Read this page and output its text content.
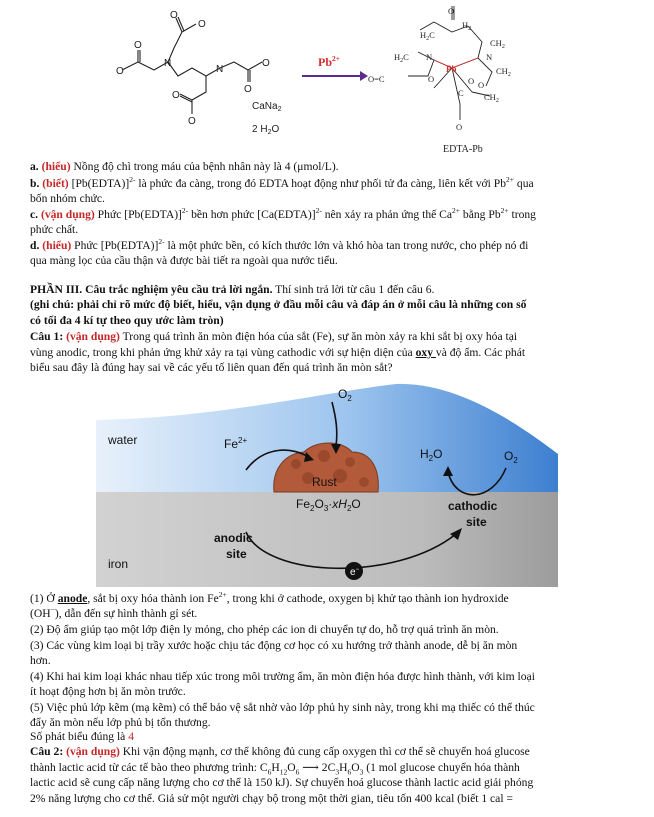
O
O
O
O
N
N
O
O
O
O
CaNa$_2$
2 $H_2O$
$Pb^{2+}$
$H_2C$
O
$H_2$
$CH_2$
$H_2C$ N	N
$CH_2$
O=C	O
O
$CH_2$
C
O
O
Pb
EDTA-Pb
a. (hiểu) Nồng độ chì trong máu của bệnh nhân này là 4 (μmol/L).
b. (biết) [Pb(EDTA)]$^{2-}$ là phức đa càng, trong đó EDTA hoạt động như phối tử đa càng, liên kết với $Pb^{2+}$ qua
bốn nhóm chức.
c. (vận dụng) Phức [Pb(EDTA)]$^{2-}$ bền hơn phức [Ca(EDTA)]$^{2-}$ nên xảy ra phản ứng thế $Ca^{2+}$ bằng $Pb^{2+}$ trong
phức chất.
d. (hiểu) Phức [Pb(EDTA)]$^{2-}$ là một phức bền, có kích thước lớn và khó hòa tan trong nước, cho phép nó đi
qua màng lọc của cầu thận và được bài tiết ra ngoài qua nước tiểu.
PHẦN III. Câu trắc nghiệm yêu cầu trả lời ngắn. Thí sinh trả lời từ câu 1 đến câu 6.
(ghi chú: phải chỉ rõ mức độ biết, hiểu, vận dụng ở đầu mỗi câu và đáp án ở mỗi câu là những con số
có tối đa 4 kí tự theo quy ước làm tròn)
Câu 1: (vận dụng) Trong quá trình ăn mòn điện hóa của sắt (Fe), sự ăn mòn xảy ra khi sắt bị oxy hóa tại
vùng anodic, trong khi phản ứng khử xảy ra tại vùng cathodic với sự hiện diện của oxy và độ ẩm. Các phát
biểu sau đây là đúng hay sai về các yếu tố liên quan đến quá trình ăn mòn sắt?
e−
$O_2$
water	$Fe^{2+}$
$H_2O$	$O_2$
Rust
$Fe_2O_3\cdot xH_2O$	cathodic
site
anodic
site
iron
(1) Ở anode, sắt bị oxy hóa thành ion $Fe^{2+}$, trong khi ở cathode, oxygen bị khử tạo thành ion hydroxide
(OH−), dẫn đến sự hình thành gỉ sét.
(2) Độ ẩm giúp tạo một lớp điện ly mỏng, cho phép các ion di chuyển tự do, hỗ trợ quá trình ăn mòn.
(3) Các vùng kim loại bị trầy xước hoặc chịu tác động cơ học có xu hướng trở thành anode, dễ bị ăn mòn
hơn.
(4) Khi hai kim loại khác nhau tiếp xúc trong môi trường ẩm, ăn mòn điện hóa được hình thành, với kim loại
ít hoạt động hơn bị ăn mòn trước.
(5) Việc phủ lớp kẽm (mạ kẽm) có thể bảo vệ sắt nhờ vào lớp phủ hy sinh này, trong khi mạ thiếc có thể thúc
đẩy ăn mòn nếu lớp phủ bị tổn thương.
Số phát biểu đúng là 4
Câu 2: (vận dụng) Khi vận động mạnh, cơ thể không đủ cung cấp oxygen thì cơ thể sẽ chuyển hoá glucose
thành lactic acid từ các tế bào theo phương trình: $C_6H_{12}O_6$ ⟶ $2C_3H_6O_3$ (1 mol glucose chuyển hóa thành
lactic acid sẽ cung cấp năng lượng cho cơ thể là 150 kJ). Sự chuyển hoá glucose thành lactic acid giải phóng
2% năng lượng cho cơ thể. Giả sử một người chạy bộ trong một thời gian, tiêu tốn 400 kcal (biết 1 cal =
